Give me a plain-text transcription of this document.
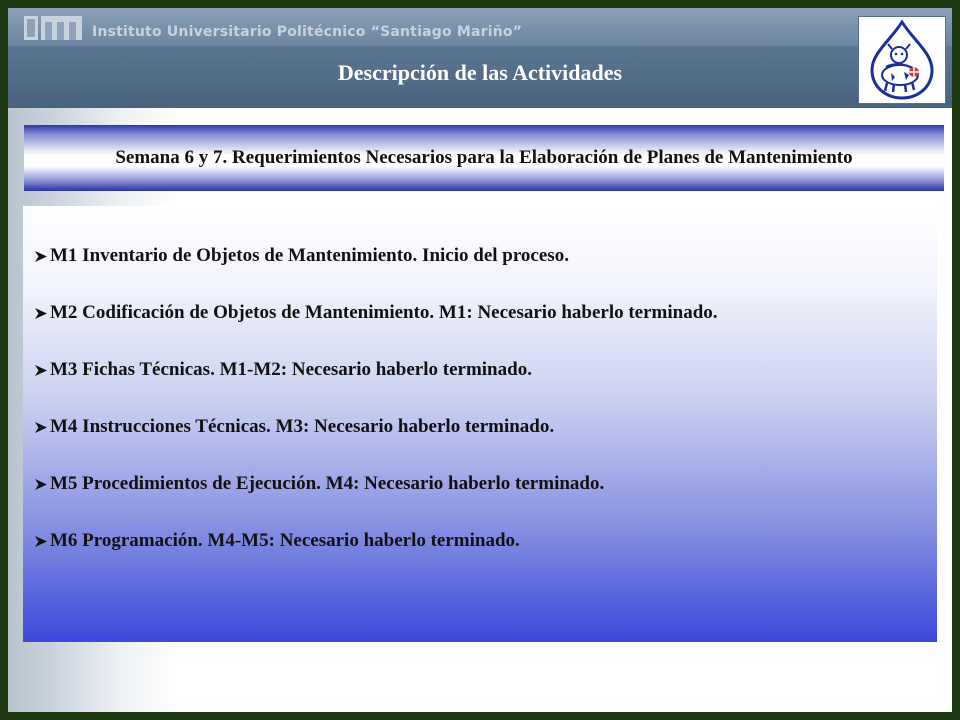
Instituto Universitario Politécnico “Santiago Mariño”
Descripción de las Actividades
Semana 6 y 7. Requerimientos Necesarios para la Elaboración de Planes de Mantenimiento
M1 Inventario de Objetos de Mantenimiento. Inicio del proceso.
M2 Codificación de Objetos de Mantenimiento. M1: Necesario haberlo terminado.
M3 Fichas Técnicas. M1-M2: Necesario haberlo terminado.
M4 Instrucciones Técnicas. M3: Necesario haberlo terminado.
M5 Procedimientos de Ejecución. M4: Necesario haberlo terminado.
M6 Programación. M4-M5: Necesario haberlo terminado.
